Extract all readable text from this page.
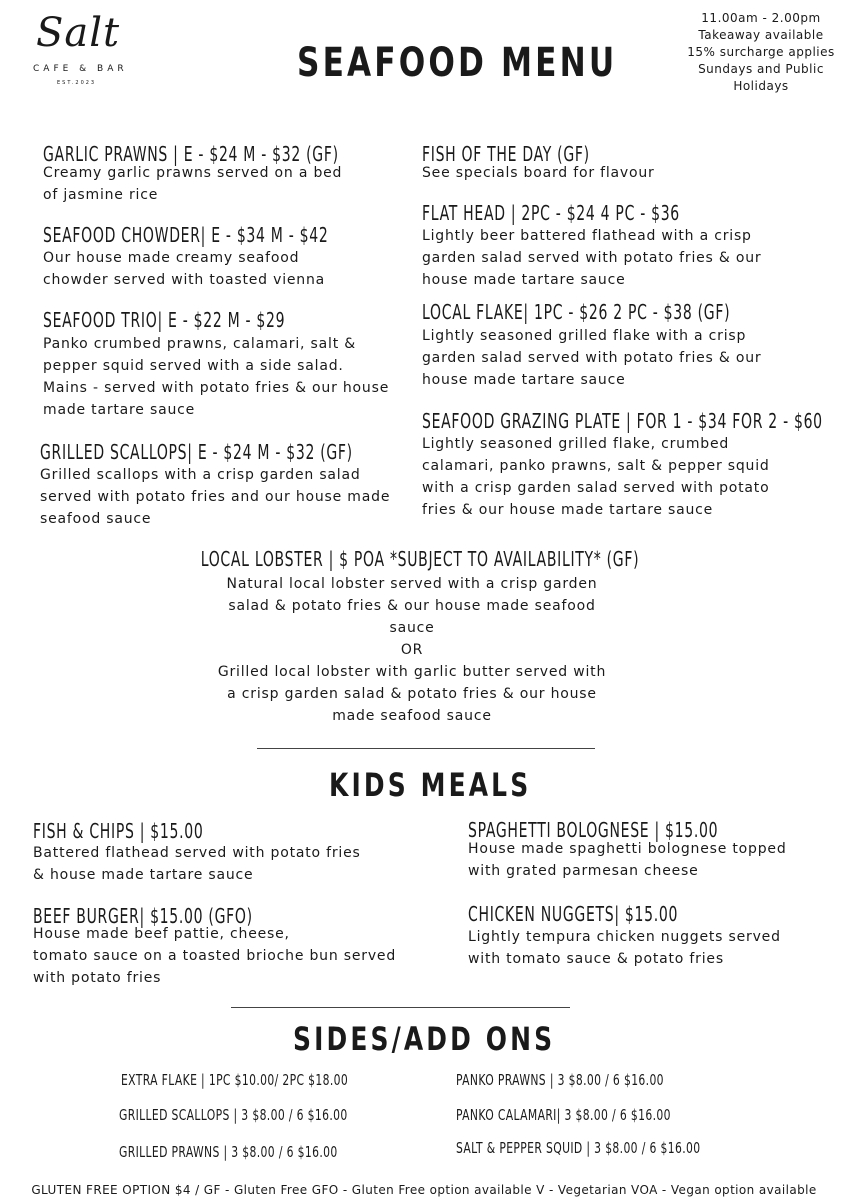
Salt
CAFE & BAR
EST.2023	SEAFOOD MENU
11.00am - 2.00pm
Takeaway available
15% surcharge applies
Sundays and Public
Holidays
GARLIC PRAWNS | E - $24 M - $32 (GF)
Creamy garlic prawns served on a bed
of jasmine rice
SEAFOOD CHOWDER| E - $34 M - $42
Our house made creamy seafood
chowder served with toasted vienna
SEAFOOD TRIO| E - $22 M - $29
Panko crumbed prawns, calamari, salt &
pepper squid served with a side salad.
Mains - served with potato fries & our house
made tartare sauce
GRILLED SCALLOPS| E - $24 M - $32 (GF)
Grilled scallops with a crisp garden salad
served with potato fries and our house made
seafood sauce
FISH OF THE DAY (GF)
See specials board for flavour
FLAT HEAD | 2PC - $24 4 PC - $36
Lightly beer battered flathead with a crisp
garden salad served with potato fries & our
house made tartare sauce
LOCAL FLAKE| 1PC - $26 2 PC - $38 (GF)
Lightly seasoned grilled flake with a crisp
garden salad served with potato fries & our
house made tartare sauce
SEAFOOD GRAZING PLATE | FOR 1 - $34 FOR 2 - $60
Lightly seasoned grilled flake, crumbed
calamari, panko prawns, salt & pepper squid
with a crisp garden salad served with potato
fries & our house made tartare sauce
LOCAL LOBSTER | $ POA *SUBJECT TO AVAILABILITY* (GF)
Natural local lobster served with a crisp garden
salad & potato fries & our house made seafood
sauce
OR
Grilled local lobster with garlic butter served with
a crisp garden salad & potato fries & our house
made seafood sauce
KIDS MEALS
FISH & CHIPS | $15.00
Battered flathead served with potato fries
& house made tartare sauce
BEEF BURGER| $15.00 (GFO)
House made beef pattie, cheese,
tomato sauce on a toasted brioche bun served
with potato fries
SPAGHETTI BOLOGNESE | $15.00
House made spaghetti bolognese topped
with grated parmesan cheese
CHICKEN NUGGETS| $15.00
Lightly tempura chicken nuggets served
with tomato sauce & potato fries
SIDES/ADD ONS
EXTRA FLAKE | 1PC $10.00/ 2PC $18.00
GRILLED SCALLOPS | 3 $8.00 / 6 $16.00
GRILLED PRAWNS | 3 $8.00 / 6 $16.00
PANKO PRAWNS | 3 $8.00 / 6 $16.00
PANKO CALAMARI| 3 $8.00 / 6 $16.00
SALT & PEPPER SQUID | 3 $8.00 / 6 $16.00
GLUTEN FREE OPTION $4 / GF - Gluten Free GFO - Gluten Free option available V - Vegetarian VOA - Vegan option available
